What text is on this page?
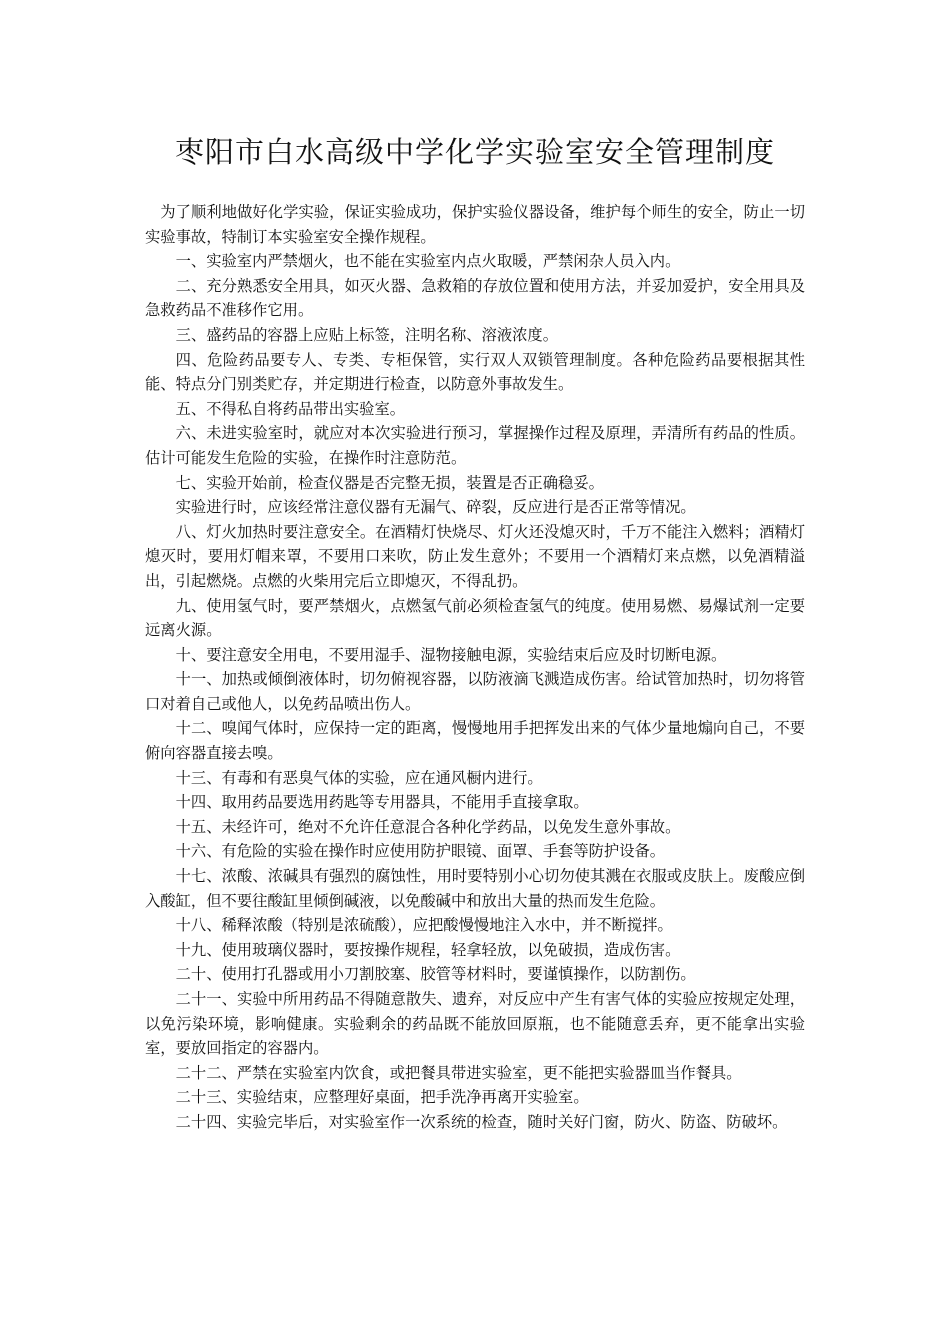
枣阳市白水高级中学化学实验室安全管理制度

为了顺利地做好化学实验，保证实验成功，保护实验仪器设备，维护每个师生的安全，防止一切实验事故，特制订本实验室安全操作规程。

一、实验室内严禁烟火，也不能在实验室内点火取暖，严禁闲杂人员入内。

二、充分熟悉安全用具，如灭火器、急救箱的存放位置和使用方法，并妥加爱护，安全用具及急救药品不准移作它用。

三、盛药品的容器上应贴上标签，注明名称、溶液浓度。

四、危险药品要专人、专类、专柜保管，实行双人双锁管理制度。各种危险药品要根据其性能、特点分门别类贮存，并定期进行检查，以防意外事故发生。

五、不得私自将药品带出实验室。

六、未进实验室时，就应对本次实验进行预习，掌握操作过程及原理，弄清所有药品的性质。估计可能发生危险的实验，在操作时注意防范。

七、实验开始前，检查仪器是否完整无损，装置是否正确稳妥。

实验进行时，应该经常注意仪器有无漏气、碎裂，反应进行是否正常等情况。

八、灯火加热时要注意安全。在酒精灯快烧尽、灯火还没熄灭时，千万不能注入燃料；酒精灯熄灭时，要用灯帽来罩，不要用口来吹，防止发生意外；不要用一个酒精灯来点燃，以免酒精溢出，引起燃烧。点燃的火柴用完后立即熄灭，不得乱扔。

九、使用氢气时，要严禁烟火，点燃氢气前必须检查氢气的纯度。使用易燃、易爆试剂一定要远离火源。

十、要注意安全用电，不要用湿手、湿物接触电源，实验结束后应及时切断电源。

十一、加热或倾倒液体时，切勿俯视容器，以防液滴飞溅造成伤害。给试管加热时，切勿将管口对着自己或他人，以免药品喷出伤人。

十二、嗅闻气体时，应保持一定的距离，慢慢地用手把挥发出来的气体少量地煽向自己，不要俯向容器直接去嗅。

十三、有毒和有恶臭气体的实验，应在通风橱内进行。

十四、取用药品要选用药匙等专用器具，不能用手直接拿取。

十五、未经许可，绝对不允许任意混合各种化学药品，以免发生意外事故。

十六、有危险的实验在操作时应使用防护眼镜、面罩、手套等防护设备。

十七、浓酸、浓碱具有强烈的腐蚀性，用时要特别小心切勿使其溅在衣服或皮肤上。废酸应倒入酸缸，但不要往酸缸里倾倒碱液，以免酸碱中和放出大量的热而发生危险。

十八、稀释浓酸（特别是浓硫酸），应把酸慢慢地注入水中，并不断搅拌。

十九、使用玻璃仪器时，要按操作规程，轻拿轻放，以免破损，造成伤害。

二十、使用打孔器或用小刀割胶塞、胶管等材料时，要谨慎操作，以防割伤。

二十一、实验中所用药品不得随意散失、遗弃，对反应中产生有害气体的实验应按规定处理，以免污染环境，影响健康。实验剩余的药品既不能放回原瓶，也不能随意丢弃，更不能拿出实验室，要放回指定的容器内。

二十二、严禁在实验室内饮食，或把餐具带进实验室，更不能把实验器皿当作餐具。

二十三、实验结束，应整理好桌面，把手洗净再离开实验室。

二十四、实验完毕后，对实验室作一次系统的检查，随时关好门窗，防火、防盗、防破坏。
